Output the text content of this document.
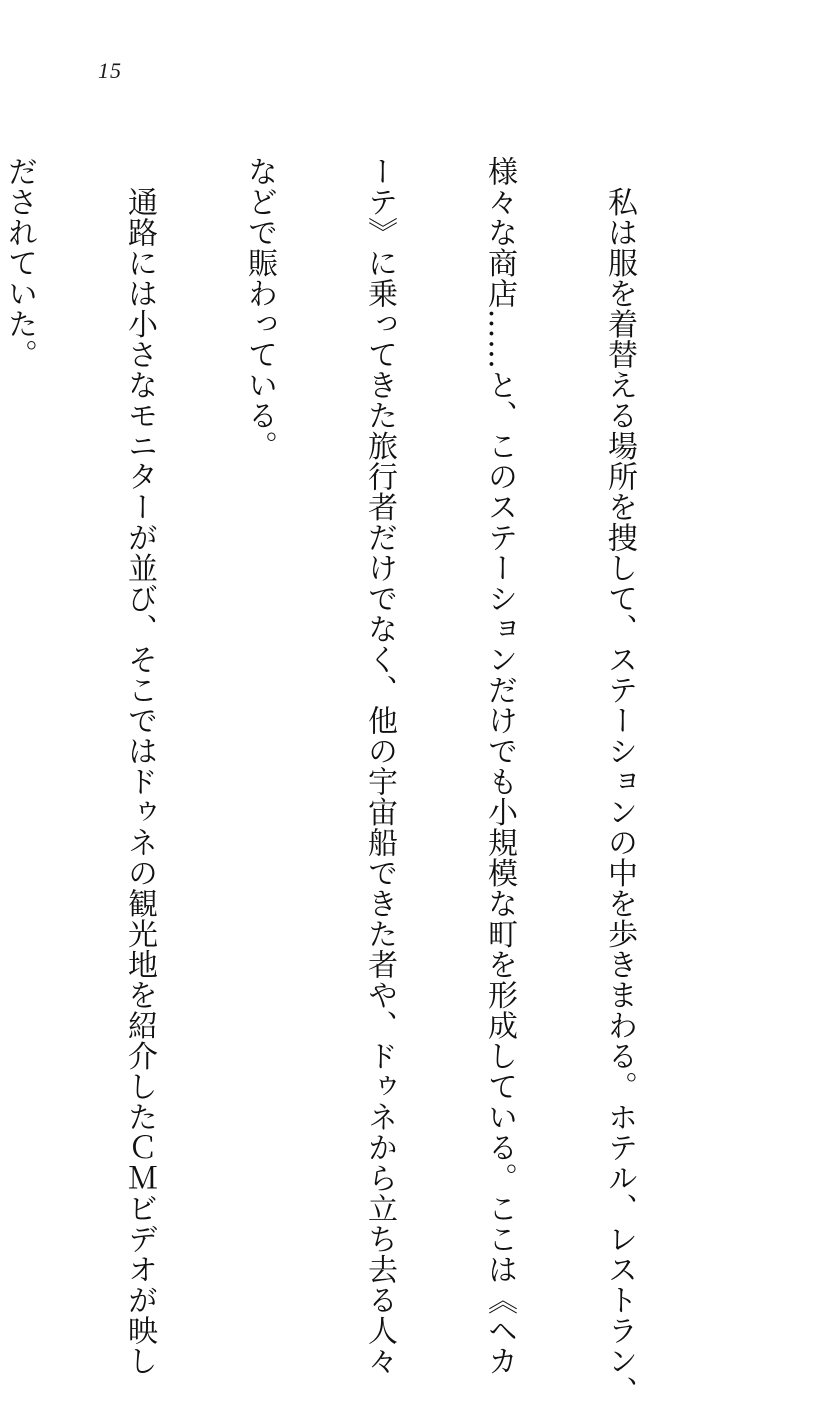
15

　私は服を着替える場所を捜して、ステーションの中を歩きまわる。ホテル、レストラン、

様々な商店……と、このステーションだけでも小規模な町を形成している。ここは《ヘカ

ーテ》に乗ってきた旅行者だけでなく、他の宇宙船できた者や、ドゥネから立ち去る人々

などで賑わっている。

　通路には小さなモニターが並び、そこではドゥネの観光地を紹介したＣＭビデオが映し

だされていた。
